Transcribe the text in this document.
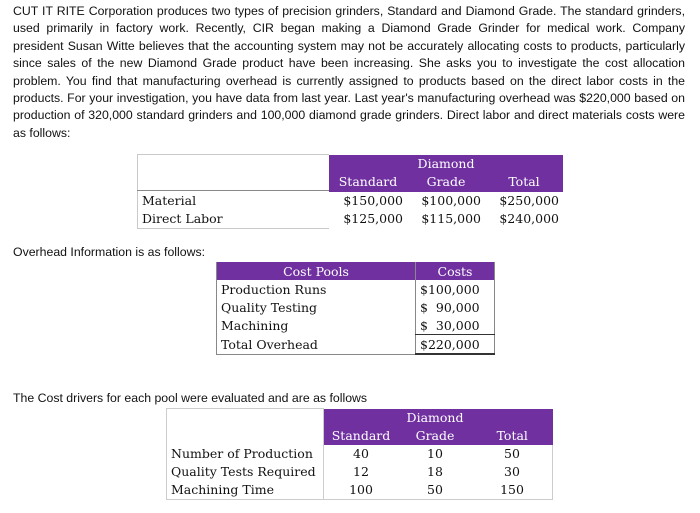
CUT IT RITE Corporation produces two types of precision grinders, Standard and Diamond Grade. The standard grinders, used primarily in factory work. Recently, CIR began making a Diamond Grade Grinder for medical work. Company president Susan Witte believes that the accounting system may not be accurately allocating costs to products, particularly since sales of the new Diamond Grade product have been increasing. She asks you to investigate the cost allocation problem. You find that manufacturing overhead is currently assigned to products based on the direct labor costs in the products. For your investigation, you have data from last year. Last year's manufacturing overhead was $220,000 based on production of 320,000 standard grinders and 100,000 diamond grade grinders. Direct labor and direct materials costs were as follows:

		Diamond	
	Standard	Grade	Total
Material	$150,000	$100,000	$250,000
Direct Labor	$125,000	$115,000	$240,000

Overhead Information is as follows:

Cost Pools	Costs
Production Runs	$100,000
Quality Testing	$  90,000
Machining	$  30,000
Total Overhead	$220,000

The Cost drivers for each pool were evaluated and are as follows

		Diamond	
	Standard	Grade	Total
Number of Production	40	10	50
Quality Tests Required	12	18	30
Machining Time	100	50	150
